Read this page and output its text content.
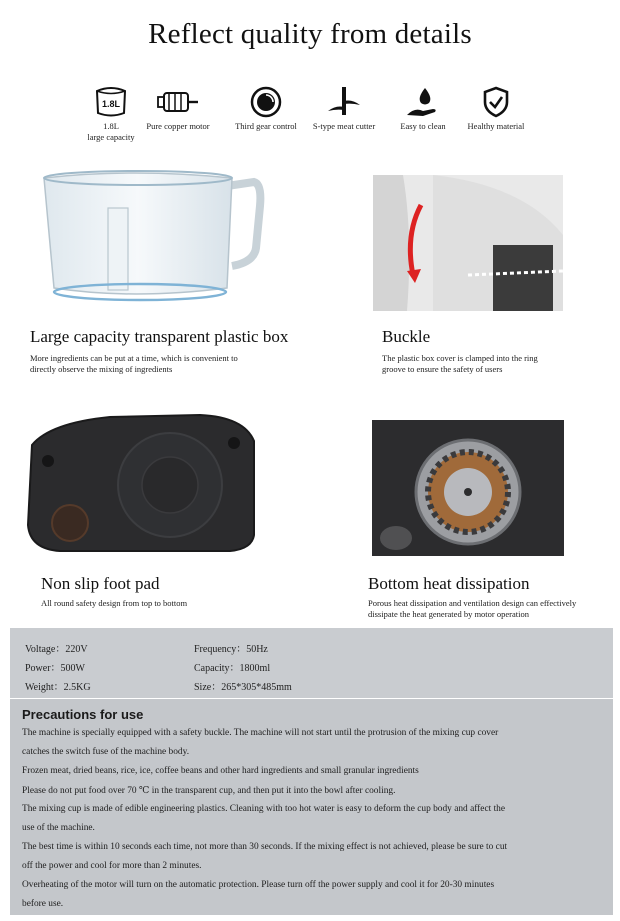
Reflect quality from details
1.8L
1.8L
large capacity
Pure copper motor	Third gear control	S-type meat cutter	Easy to clean	Healthy material
Large capacity transparent plastic box
More ingredients can be put at a time, which is convenient to
directly observe the mixing of ingredients
Buckle
The plastic box cover is clamped into the ring
groove to ensure the safety of users
Non slip foot pad
All round safety design from top to bottom
Bottom heat dissipation
Porous heat dissipation and ventilation design can effectively
dissipate the heat generated by motor operation
Voltage：220V	Frequency：50Hz
Power：500W	Capacity：1800ml
Weight：2.5KG	Size：265*305*485mm
Precautions for use
The machine is specially equipped with a safety buckle. The machine will not start until the protrusion of the mixing cup cover
catches the switch fuse of the machine body.
Frozen meat, dried beans, rice, ice, coffee beans and other hard ingredients and small granular ingredients
Please do not put food over 70 ℃ in the transparent cup, and then put it into the bowl after cooling.
The mixing cup is made of edible engineering plastics. Cleaning with too hot water is easy to deform the cup body and affect the
use of the machine.
The best time is within 10 seconds each time, not more than 30 seconds. If the mixing effect is not achieved, please be sure to cut
off the power and cool for more than 2 minutes.
Overheating of the motor will turn on the automatic protection. Please turn off the power supply and cool it for 20-30 minutes
before use.
